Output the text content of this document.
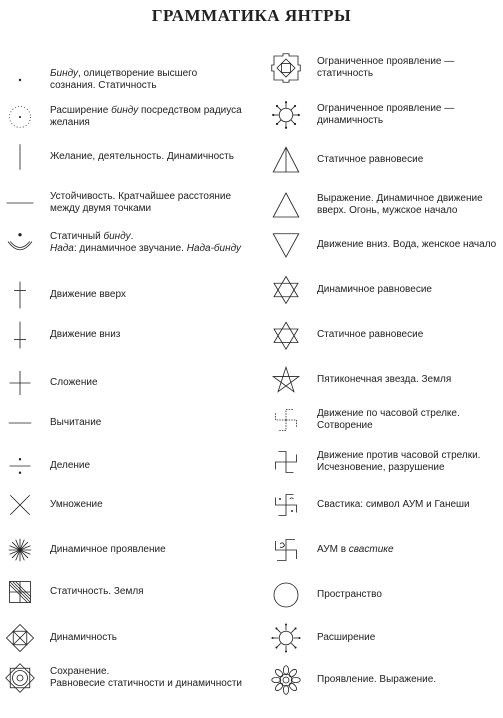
ГРАММАТИКА ЯНТРЫ
Бинду, олицетворение высшего
сознания. Статичность
Расширение бинду посредством радиуса
желания
Желание, деятельность. Динамичность
Устойчивость. Кратчайшее расстояние
между двумя точками
Статичный бинду.
Нада: динамичное звучание. Нада-бинду
Движение вверх
Движение вниз
Сложение
Вычитание
Деление
Умножение
Динамичное проявление
Статичность. Земля
Динамичность
Сохранение.
Равновесие статичности и динамичности
Ограниченное проявление —
статичность
Ограниченное проявление —
динамичность
Статичное равновесие
Выражение. Динамичное движение
вверх. Огонь, мужское начало
Движение вниз. Вода, женское начало
Динамичное равновесие
Статичное равновесие
Пятиконечная звезда. Земля
Движение по часовой стрелке.
Сотворение
Движение против часовой стрелки.
Исчезновение, разрушение
Свастика: символ АУМ и Ганеши
АУМ в свастике
Пространство
Расширение
Проявление. Выражение.
